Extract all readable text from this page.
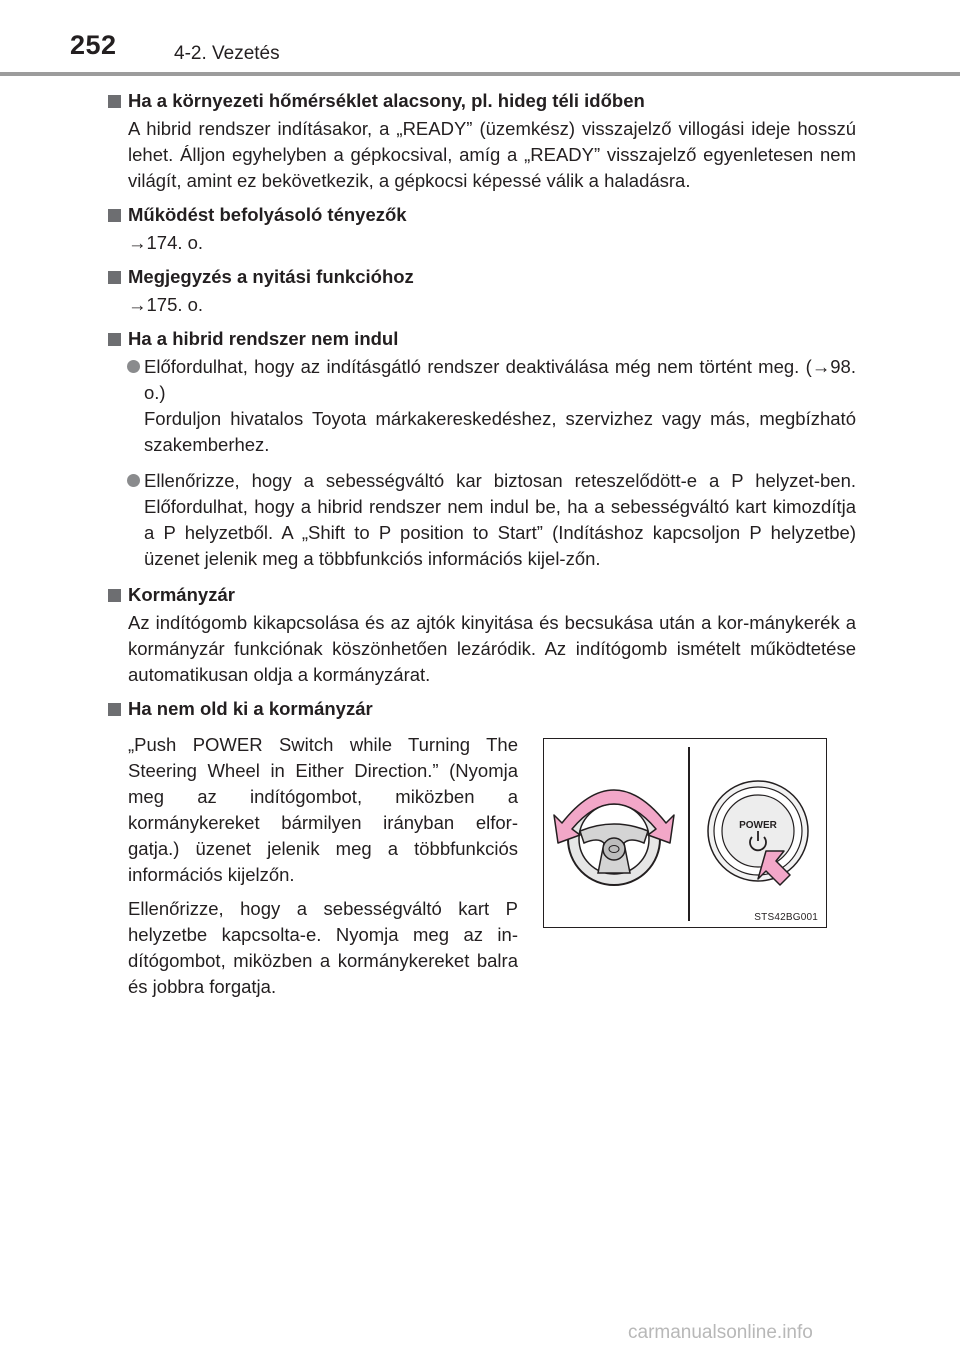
252	4-2. Vezetés
Ha a környezeti hőmérséklet alacsony, pl. hideg téli időben

A hibrid rendszer indításakor, a „READY” (üzemkész) visszajelző villogási ideje hosszú lehet. Álljon egyhelyben a gépkocsival, amíg a „READY” visszajelző egyenletesen nem világít, amint ez bekövetkezik, a gépkocsi képessé válik a haladásra.

Működést befolyásoló tényezők

→174. o.

Megjegyzés a nyitási funkcióhoz

→175. o.

Ha a hibrid rendszer nem indul
Előfordulhat, hogy az indításgátló rendszer deaktiválása még nem történt meg. (→98. o.)
Forduljon hivatalos Toyota márkakereskedéshez, szervizhez vagy más, megbízható szakemberhez.
Ellenőrizze, hogy a sebességváltó kar biztosan reteszelődött-e a P helyzet-ben. Előfordulhat, hogy a hibrid rendszer nem indul be, ha a sebességváltó kart kimozdítja a P helyzetből. A „Shift to P position to Start” (Indításhoz kapcsoljon P helyzetbe) üzenet jelenik meg a többfunkciós információs kijel-zőn.
Kormányzár

Az indítógomb kikapcsolása és az ajtók kinyitása és becsukása után a kor-mánykerék a kormányzár funkciónak köszönhetően lezáródik. Az indítógomb ismételt működtetése automatikusan oldja a kormányzárat.

Ha nem old ki a kormányzár

„Push POWER Switch while Turning The Steering Wheel in Either Direction.” (Nyomja meg az indítógombot, miközben a kormánykereket bármilyen irányban elfor-gatja.) üzenet jelenik meg a többfunkciós információs kijelzőn.

Ellenőrizze, hogy a sebességváltó kart P helyzetbe kapcsolta-e. Nyomja meg az in-dítógombot, miközben a kormánykereket balra és jobbra forgatja.

POWER
STS42BG001
carmanualsonline.info
